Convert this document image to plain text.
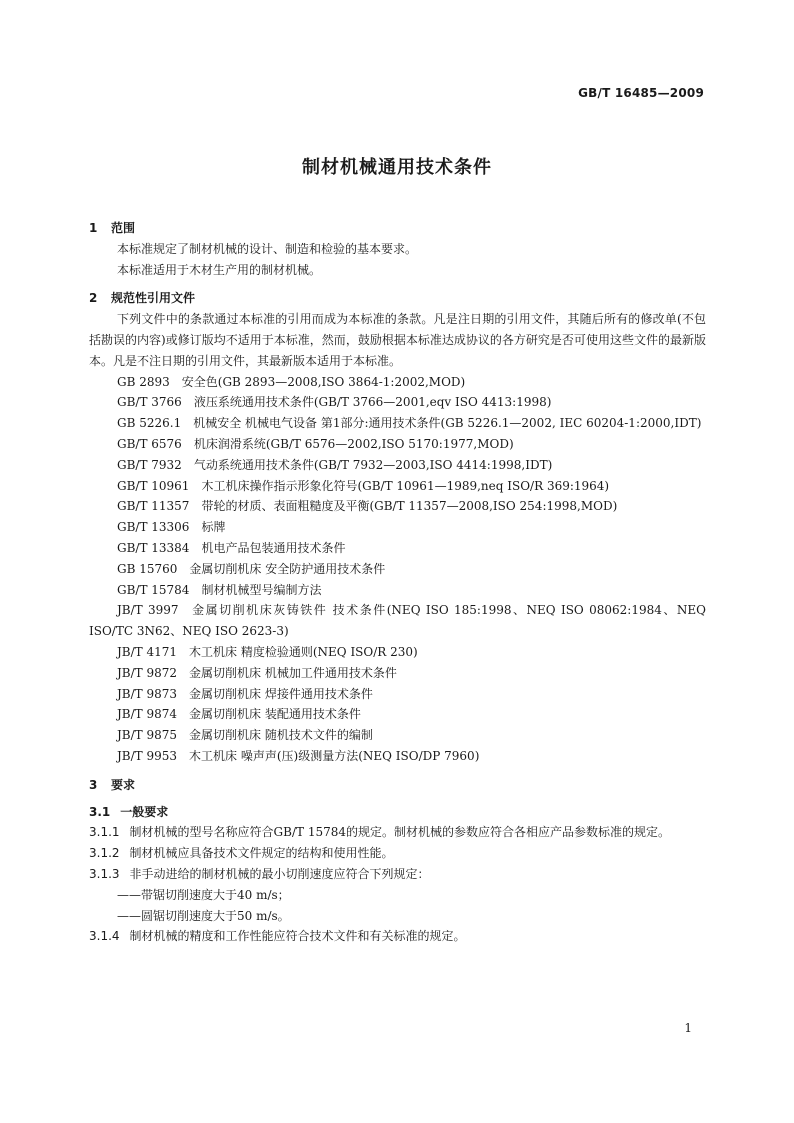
GB/T 16485—2009
制材机械通用技术条件
1 范围

本标准规定了制材机械的设计、制造和检验的基本要求。

本标准适用于木材生产用的制材机械。

2 规范性引用文件

下列文件中的条款通过本标准的引用而成为本标准的条款。凡是注日期的引用文件，其随后所有的修改单(不包括勘误的内容)或修订版均不适用于本标准，然而，鼓励根据本标准达成协议的各方研究是否可使用这些文件的最新版本。凡是不注日期的引用文件，其最新版本适用于本标准。

GB 2893 安全色(GB 2893—2008,ISO 3864-1:2002,MOD)

GB/T 3766 液压系统通用技术条件(GB/T 3766—2001,eqv ISO 4413:1998)

GB 5226.1 机械安全 机械电气设备 第1部分:通用技术条件(GB 5226.1—2002, IEC 60204-1:2000,IDT)

GB/T 6576 机床润滑系统(GB/T 6576—2002,ISO 5170:1977,MOD)

GB/T 7932 气动系统通用技术条件(GB/T 7932—2003,ISO 4414:1998,IDT)

GB/T 10961 木工机床操作指示形象化符号(GB/T 10961—1989,neq ISO/R 369:1964)

GB/T 11357 带轮的材质、表面粗糙度及平衡(GB/T 11357—2008,ISO 254:1998,MOD)

GB/T 13306 标牌

GB/T 13384 机电产品包装通用技术条件

GB 15760 金属切削机床 安全防护通用技术条件

GB/T 15784 制材机械型号编制方法

JB/T 3997 金属切削机床灰铸铁件 技术条件(NEQ ISO 185:1998、NEQ ISO 08062:1984、NEQ ISO/TC 3N62、NEQ ISO 2623-3)

JB/T 4171 木工机床 精度检验通则(NEQ ISO/R 230)

JB/T 9872 金属切削机床 机械加工件通用技术条件

JB/T 9873 金属切削机床 焊接件通用技术条件

JB/T 9874 金属切削机床 装配通用技术条件

JB/T 9875 金属切削机床 随机技术文件的编制

JB/T 9953 木工机床 噪声声(压)级测量方法(NEQ ISO/DP 7960)

3 要求

3.1 一般要求

3.1.1 制材机械的型号名称应符合GB/T 15784的规定。制材机械的参数应符合各相应产品参数标准的规定。

3.1.2 制材机械应具备技术文件规定的结构和使用性能。

3.1.3 非手动进给的制材机械的最小切削速度应符合下列规定：

——带锯切削速度大于40 m/s；

——圆锯切削速度大于50 m/s。

3.1.4 制材机械的精度和工作性能应符合技术文件和有关标准的规定。

1
